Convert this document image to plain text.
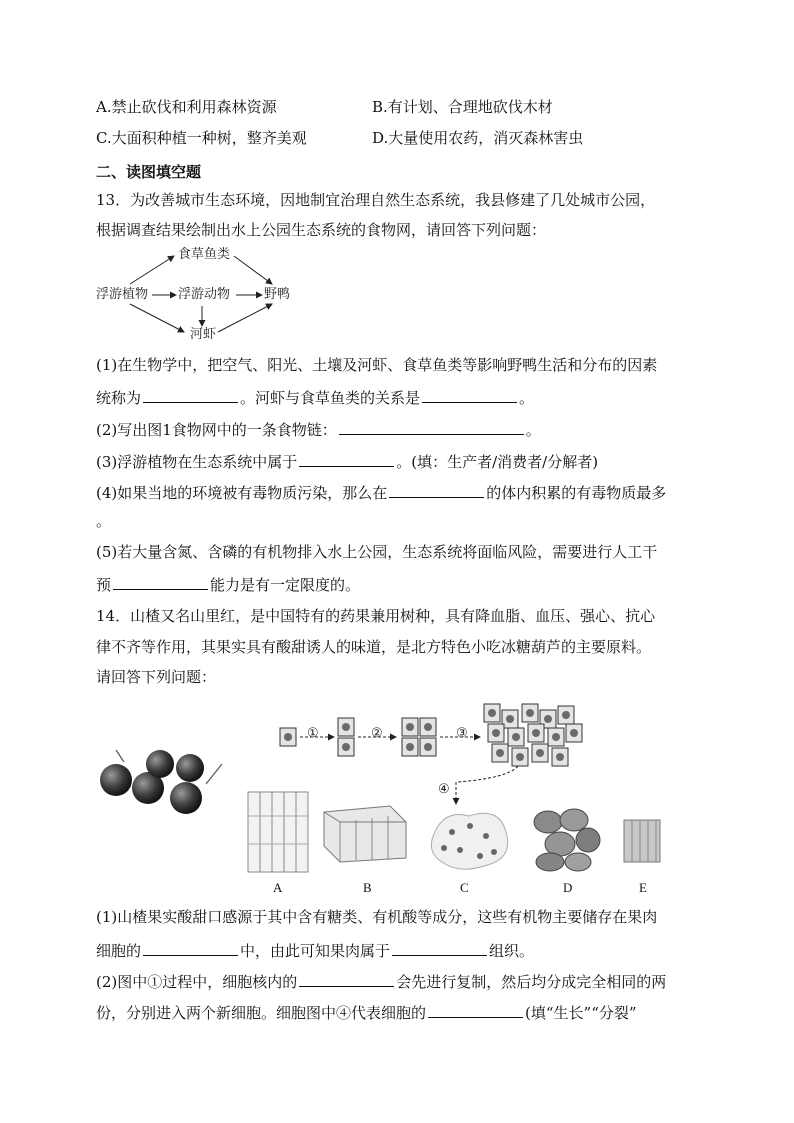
A.禁止砍伐和利用森林资源	B.有计划、合理地砍伐木材
C.大面积种植一种树，整齐美观	D.大量使用农药，消灭森林害虫
二、读图填空题
13．为改善城市生态环境，因地制宜治理自然生态系统，我县修建了几处城市公园，
根据调查结果绘制出水上公园生态系统的食物网，请回答下列问题：
食草鱼类
浮游植物 浮游动物	野鸭
河虾
(1)在生物学中，把空气、阳光、土壤及河虾、食草鱼类等影响野鸭生活和分布的因素
统称为	。河虾与食草鱼类的关系是	。
(2)写出图1食物网中的一条食物链：	。
(3)浮游植物在生态系统中属于	。(填：生产者/消费者/分解者)
(4)如果当地的环境被有毒物质污染，那么在	的体内积累的有毒物质最多
。
(5)若大量含氮、含磷的有机物排入水上公园，生态系统将面临风险，需要进行人工干
预	能力是有一定限度的。
14．山楂又名山里红，是中国特有的药果兼用树种，具有降血脂、血压、强心、抗心
律不齐等作用，其果实具有酸甜诱人的味道，是北方特色小吃冰糖葫芦的主要原料。
请回答下列问题：
①	②	③
④
A	B	C	D	E
(1)山楂果实酸甜口感源于其中含有糖类、有机酸等成分，这些有机物主要储存在果肉
细胞的	中，由此可知果肉属于	组织。
(2)图中①过程中，细胞核内的	会先进行复制，然后均分成完全相同的两
份，分别进入两个新细胞。细胞图中④代表细胞的	(填“生长”“分裂”
